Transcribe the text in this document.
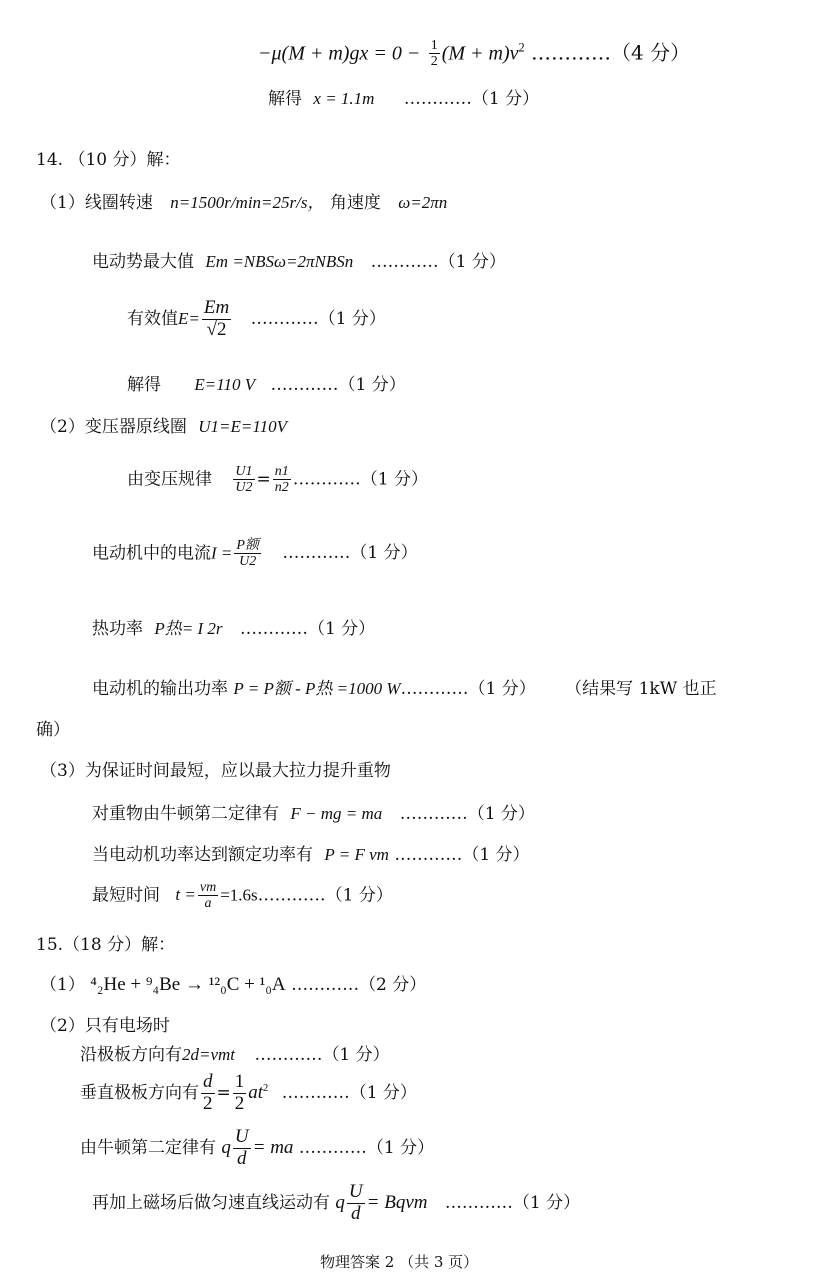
$-\mu(M + m)gx = 0 - \frac{1}{2} (M + m)v^2$ …………（4 分）
解得 x = 1.1m …………（1 分）
14. （10 分）解：
（1）线圈转速 n=1500r/min=25r/s， 角速度 ω=2πn
电动势最大值 Em =NBSω=2πNBSn …………（1 分）
有效值$E= \frac{Em}{√2}$ …………（1 分）
解得 E=110 V …………（1 分）
（2）变压器原线圈 U1=E=110V
由变压规律 $\frac{U1}{U2} = \frac{n1}{n2}$ …………（1 分）
电动机中的电流$I = \frac{\text{P额}}{U2}$ …………（1 分）
热功率 P热= I 2r …………（1 分）
电动机的输出功率 P = P额 - P热 =1000 W…………（1 分） （结果写 1kW 也正
确）
（3）为保证时间最短，应以最大拉力提升重物
对重物由牛顿第二定律有 F − mg = ma …………（1 分）
当电动机功率达到额定功率有 P = F vm …………（1 分）
最短时间 $t = \frac{vm}{a}$ =1.6s…………（1 分）
15.（18 分）解：
（1） ⁴₂He + ⁹₄Be → ¹²₀C + ¹₀A …………（2 分）
（2）只有电场时
沿极板方向有2d=vmt …………（1 分）
垂直极板方向有 $\frac{d}{2} = \frac{1}{2} at^2$ …………（1 分）
由牛顿第二定律有 q $\frac{U}{d}$ = ma …………（1 分）
再加上磁场后做匀速直线运动有 q $\frac{U}{d}$ = Bqvm …………（1 分）
物理答案 2 （共 3 页）
